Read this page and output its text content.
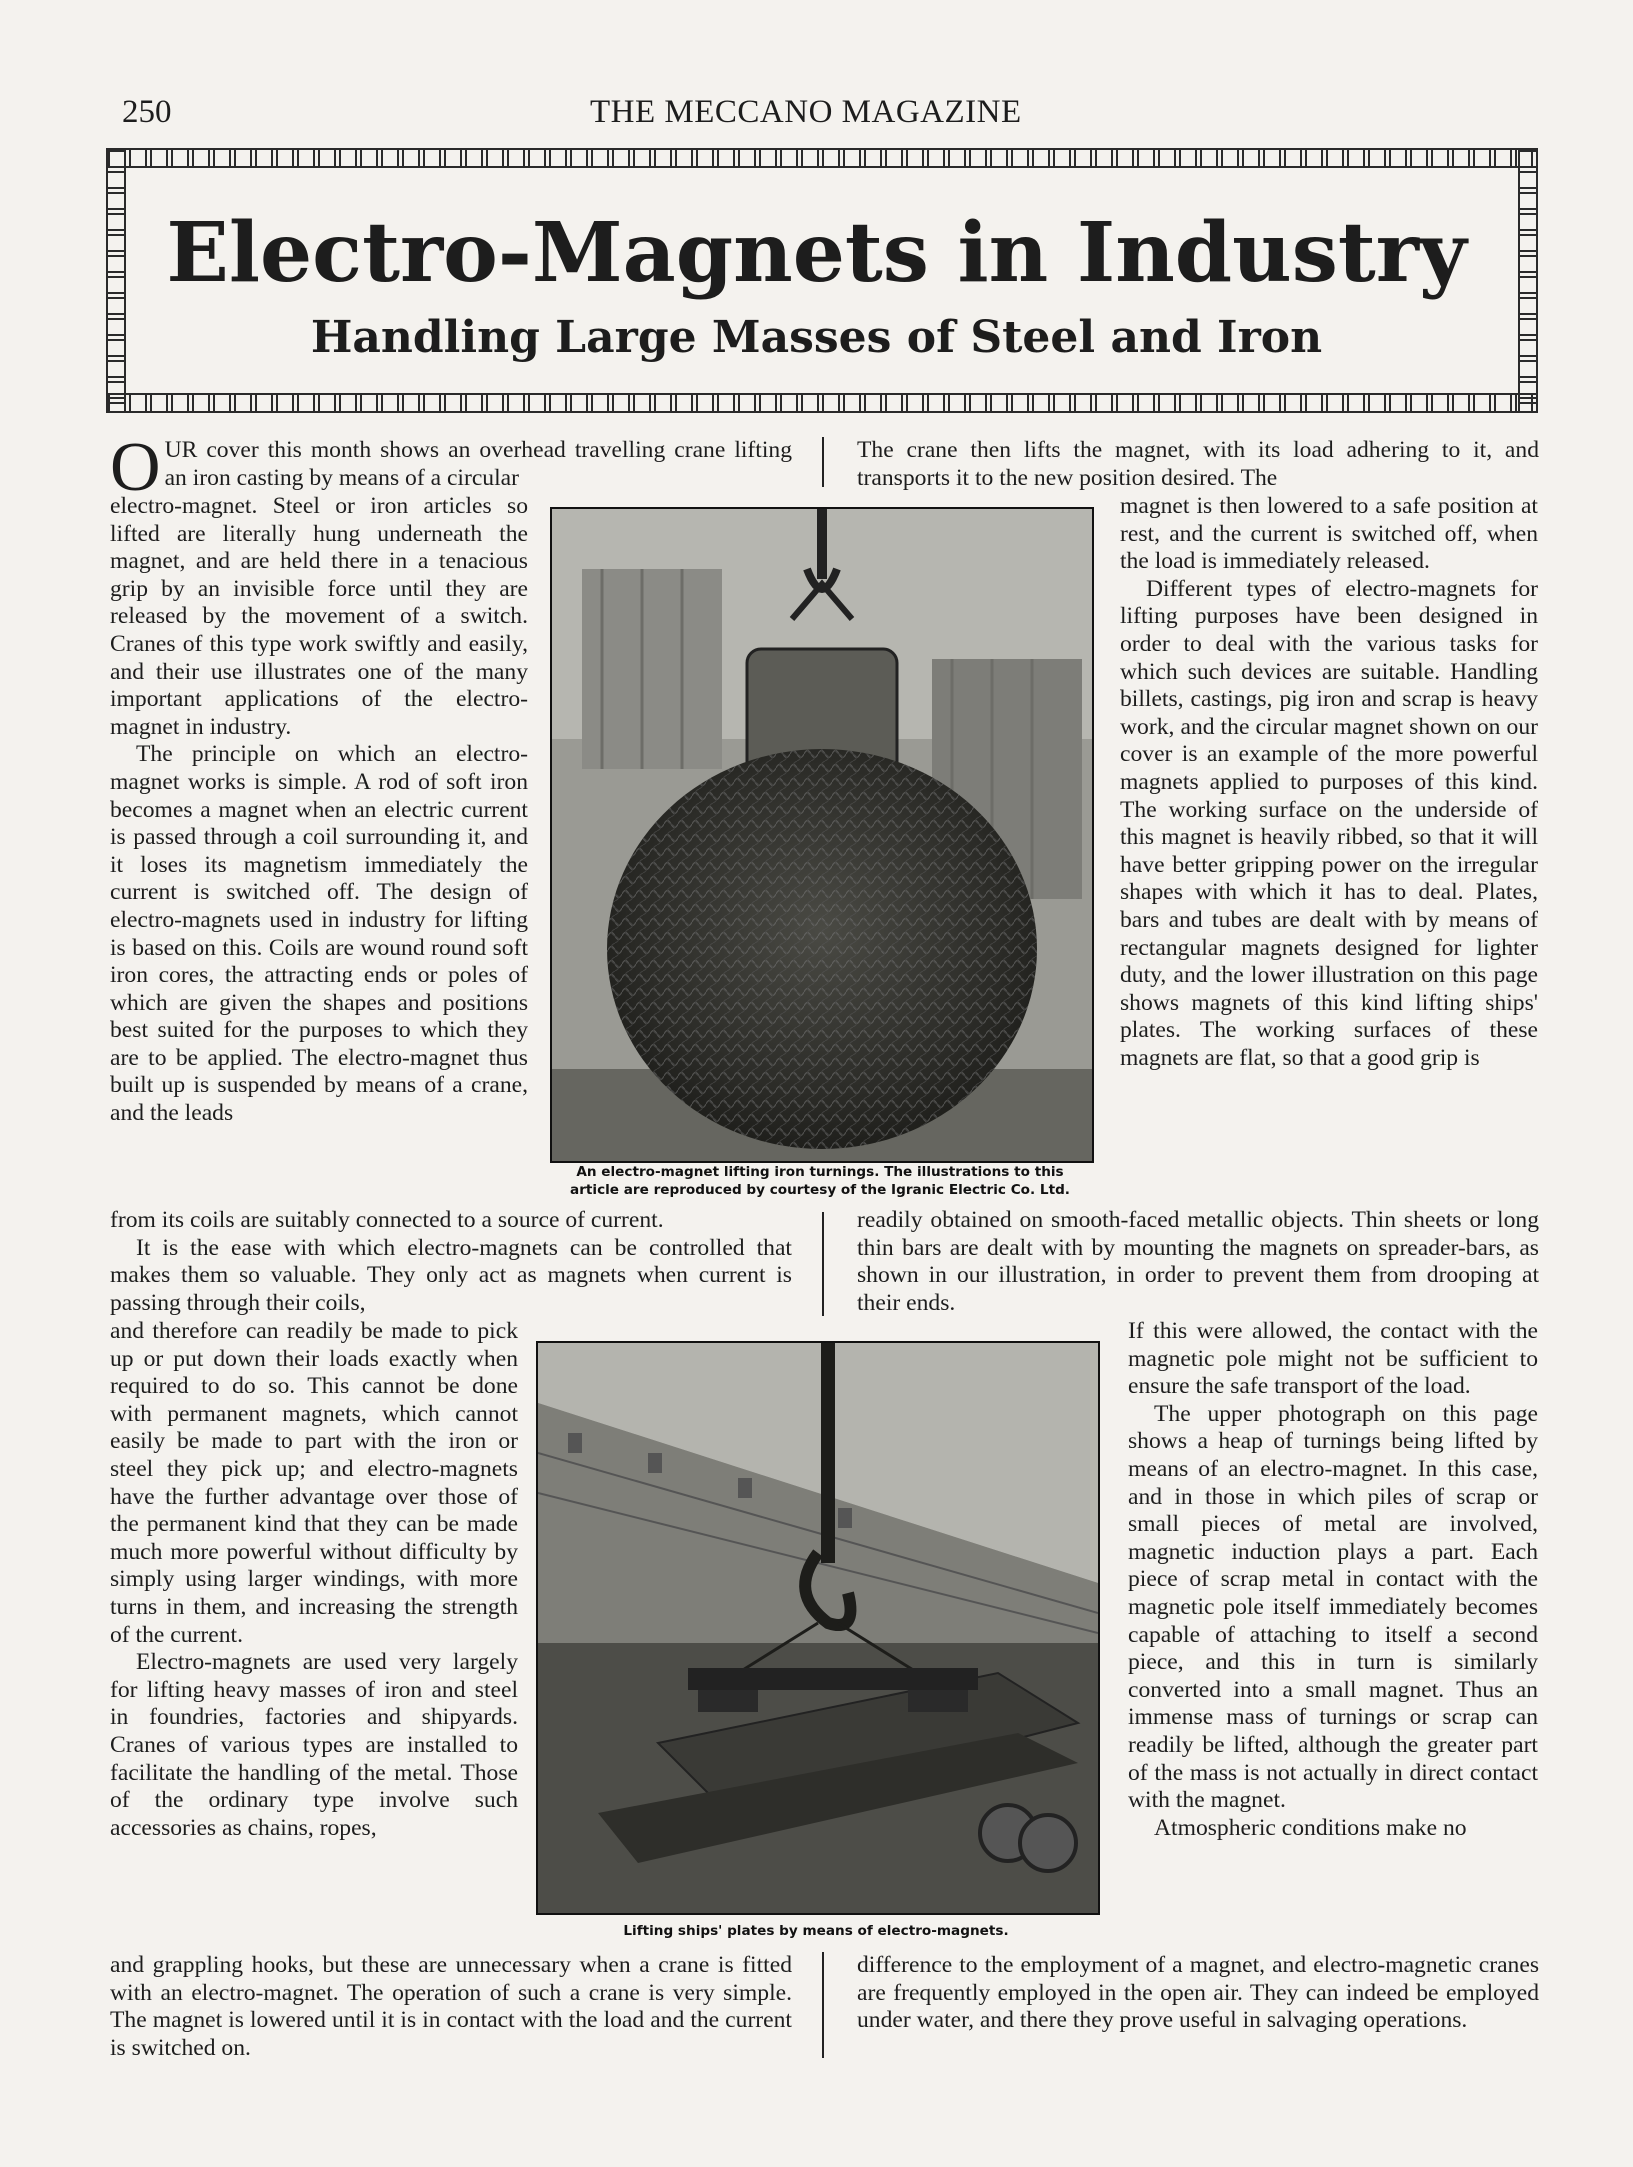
250	THE MECCANO MAGAZINE
Electro-Magnets in Industry
Handling Large Masses of Steel and Iron

OUR cover this month shows an overhead travelling crane lifting an iron casting by means of a circular

electro-magnet. Steel or iron articles so lifted are literally hung underneath the magnet, and are held there in a tenacious grip by an invisible force until they are released by the movement of a switch. Cranes of this type work swiftly and easily, and their use illustrates one of the many important applications of the electro-magnet in industry.

The principle on which an electro-magnet works is simple. A rod of soft iron becomes a magnet when an electric current is passed through a coil surrounding it, and it loses its magnetism immediately the current is switched off. The design of electro-magnets used in industry for lifting is based on this. Coils are wound round soft iron cores, the attracting ends or poles of which are given the shapes and positions best suited for the purposes to which they are to be applied. The electro-magnet thus built up is suspended by means of a crane, and the leads

from its coils are suitably connected to a source of current.

It is the ease with which electro-magnets can be controlled that makes them so valuable. They only act as magnets when current is passing through their coils,

and therefore can readily be made to pick up or put down their loads exactly when required to do so. This cannot be done with permanent magnets, which cannot easily be made to part with the iron or steel they pick up; and electro-magnets have the further advantage over those of the permanent kind that they can be made much more powerful without difficulty by simply using larger windings, with more turns in them, and increasing the strength of the current.

Electro-magnets are used very largely for lifting heavy masses of iron and steel in foundries, factories and shipyards. Cranes of various types are installed to facilitate the handling of the metal. Those of the ordinary type involve such accessories as chains, ropes,

and grappling hooks, but these are unnecessary when a crane is fitted with an electro-magnet. The operation of such a crane is very simple. The magnet is lowered until it is in contact with the load and the current is switched on.

The crane then lifts the magnet, with its load adhering to it, and transports it to the new position desired. The

magnet is then lowered to a safe position at rest, and the current is switched off, when the load is immediately released.

Different types of electro-magnets for lifting purposes have been designed in order to deal with the various tasks for which such devices are suitable. Handling billets, castings, pig iron and scrap is heavy work, and the circular magnet shown on our cover is an example of the more powerful magnets applied to purposes of this kind. The working surface on the underside of this magnet is heavily ribbed, so that it will have better gripping power on the irregular shapes with which it has to deal. Plates, bars and tubes are dealt with by means of rectangular magnets designed for lighter duty, and the lower illustration on this page shows magnets of this kind lifting ships' plates. The working surfaces of these magnets are flat, so that a good grip is

readily obtained on smooth-faced metallic objects. Thin sheets or long thin bars are dealt with by mounting the magnets on spreader-bars, as shown in our illustration, in order to prevent them from drooping at their ends.

If this were allowed, the contact with the magnetic pole might not be sufficient to ensure the safe transport of the load.

The upper photograph on this page shows a heap of turnings being lifted by means of an electro-magnet. In this case, and in those in which piles of scrap or small pieces of metal are involved, magnetic induction plays a part. Each piece of scrap metal in contact with the magnetic pole itself immediately becomes capable of attaching to itself a second piece, and this in turn is similarly converted into a small magnet. Thus an immense mass of turnings or scrap can readily be lifted, although the greater part of the mass is not actually in direct contact with the magnet.

Atmospheric conditions make no

difference to the employment of a magnet, and electro-magnetic cranes are frequently employed in the open air. They can indeed be employed under water, and there they prove useful in salvaging operations.

An electro-magnet lifting iron turnings. The illustrations to this
article are reproduced by courtesy of the Igranic Electric Co. Ltd.
Lifting ships' plates by means of electro-magnets.
